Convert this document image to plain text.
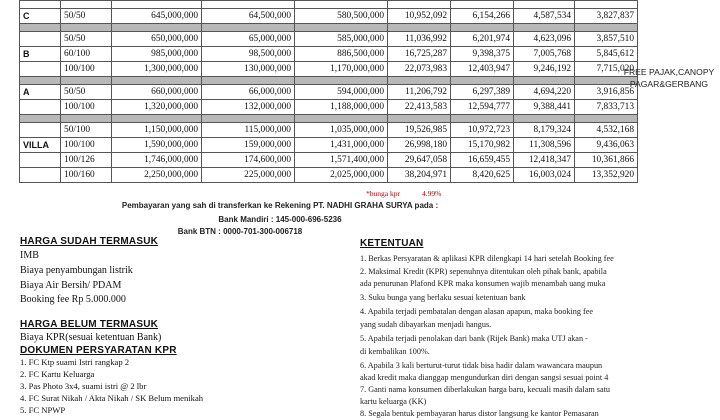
C	50/50	645,000,000	64,500,000	580,500,000	10,952,092	6,154,266	4,587,534	3,827,837

	50/50	650,000,000	65,000,000	585,000,000	11,036,992	6,201,974	4,623,096	3,857,510
B	60/100	985,000,000	98,500,000	886,500,000	16,725,287	9,398,375	7,005,768	5,845,612
	100/100	1,300,000,000	130,000,000	1,170,000,000	22,073,983	12,403,947	9,246,192	7,715,020

A	50/50	660,000,000	66,000,000	594,000,000	11,206,792	6,297,389	4,694,220	3,916,856
	100/100	1,320,000,000	132,000,000	1,188,000,000	22,413,583	12,594,777	9,388,441	7,833,713

	50/100	1,150,000,000	115,000,000	1,035,000,000	19,526,985	10,972,723	8,179,324	4,532,168
VILLA	100/100	1,590,000,000	159,000,000	1,431,000,000	26,998,180	15,170,982	11,308,596	9,436,063
	100/126	1,746,000,000	174,600,000	1,571,400,000	29,647,058	16,659,455	12,418,347	10,361,866
	100/160	2,250,000,000	225,000,000	2,025,000,000	38,204,971	8,420,625	16,003,024	13,352,920
FREE PAJAK,CANOPY
PAGAR&GERBANG
*bunga kpr	4.99%
Pembayaran yang sah di transferkan ke Rekening PT. NADHI GRAHA SURYA pada :
Bank Mandiri : 145-000-696-5236
Bank BTN : 0000-701-300-006718
HARGA SUDAH TERMASUK
IMB
Biaya penyambungan listrik
Biaya Air Bersih/ PDAM
Booking fee Rp 5.000.000
HARGA BELUM TERMASUK
Biaya KPR(sesuai ketentuan Bank)
DOKUMEN PERSYARATAN KPR
1. FC Ktp suami Istri rangkap 2
2. FC Kartu Keluarga
3. Pas Photo 3x4, suami istri @ 2 lbr
4. FC Surat Nikah / Akta Nikah / SK Belum menikah
5. FC NPWP
KETENTUAN
1. Berkas Persyaratan & aplikasi KPR dilengkapi 14 hari setelah Booking fee
2. Maksimal Kredit (KPR) sepenuhnya ditentukan oleh pihak bank, apabila
ada penurunan Plafond KPR maka konsumen wajib menambah uang muka
3. Suku bunga yang berlaku sesuai ketentuan bank
4. Apabila terjadi pembatalan dengan alasan apapun, maka booking fee
yang sudah dibayarkan menjadi hangus.
5. Apabila terjadi penolakan dari bank (Rijek Bank) maka UTJ akan -
di kembalikan 100%.
6. Apabila 3 kali berturut-turut tidak bisa hadir dalam wawancara maupun
akad kredit maka dianggap mengundurkan diri dengan sangsi sesuai point 4
7. Ganti nama konsumen diberlakukan harga baru, kecuali masih dalam satu
kartu keluarga (KK)
8. Segala bentuk pembayaran harus distor langsung ke kantor Pemasaran
